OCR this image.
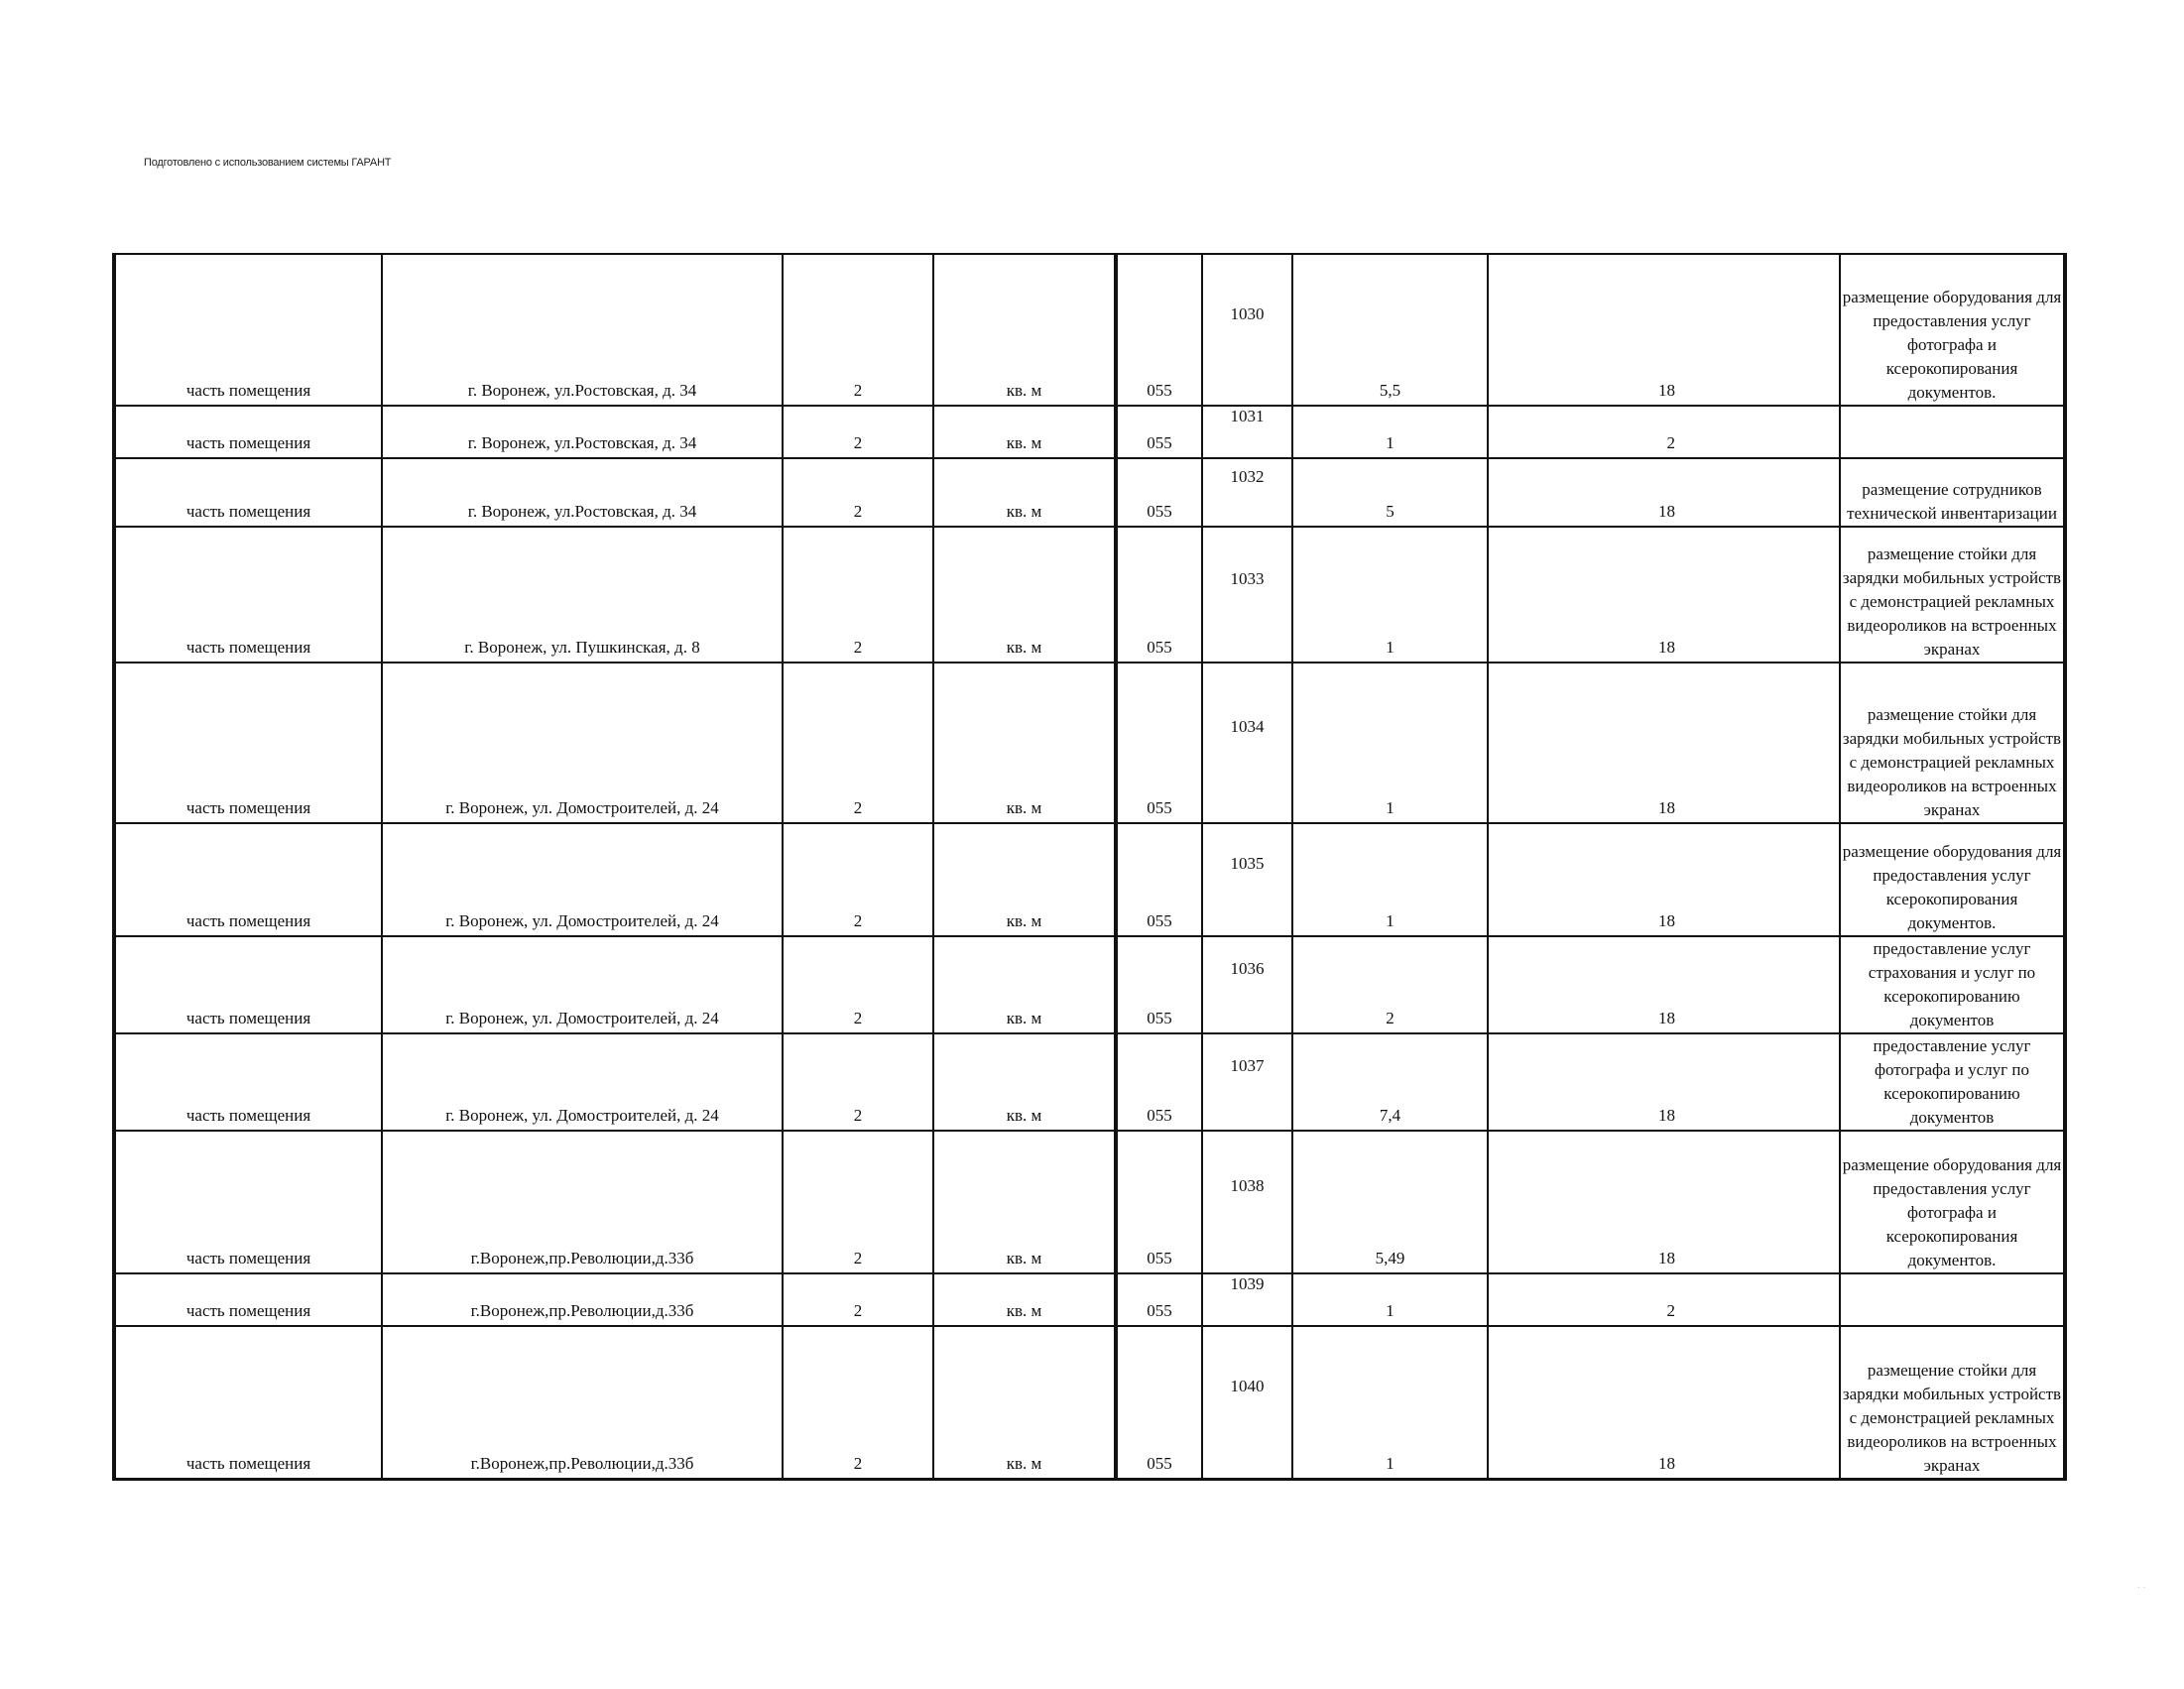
Подготовлено с использованием системы ГАРАНТ
часть помещения	г. Воронеж, ул.Ростовская, д. 34	2	кв. м	055	1030	5,5	18	размещение оборудования для предоставления услуг фотографа и ксерокопирования документов.
часть помещения	г. Воронеж, ул.Ростовская, д. 34	2	кв. м	055	1031	1	2	
часть помещения	г. Воронеж, ул.Ростовская, д. 34	2	кв. м	055	1032	5	18	размещение сотрудников технической инвентаризации
часть помещения	г. Воронеж, ул. Пушкинская, д. 8	2	кв. м	055	1033	1	18	размещение стойки для зарядки мобильных устройств с демонстрацией рекламных видеороликов на встроенных экранах
часть помещения	г. Воронеж, ул. Домостроителей, д. 24	2	кв. м	055	1034	1	18	размещение стойки для зарядки мобильных устройств с демонстрацией рекламных видеороликов на встроенных экранах
часть помещения	г. Воронеж, ул. Домостроителей, д. 24	2	кв. м	055	1035	1	18	размещение оборудования для предоставления услуг ксерокопирования документов.
часть помещения	г. Воронеж, ул. Домостроителей, д. 24	2	кв. м	055	1036	2	18	предоставление услуг страхования и услуг по ксерокопированию документов
часть помещения	г. Воронеж, ул. Домостроителей, д. 24	2	кв. м	055	1037	7,4	18	предоставление услуг фотографа и услуг по ксерокопированию документов
часть помещения	г.Воронеж,пр.Революции,д.33б	2	кв. м	055	1038	5,49	18	размещение оборудования для предоставления услуг фотографа и ксерокопирования документов.
часть помещения	г.Воронеж,пр.Революции,д.33б	2	кв. м	055	1039	1	2	
часть помещения	г.Воронеж,пр.Революции,д.33б	2	кв. м	055	1040	1	18	размещение стойки для зарядки мобильных устройств с демонстрацией рекламных видеороликов на встроенных экранах
· ·
